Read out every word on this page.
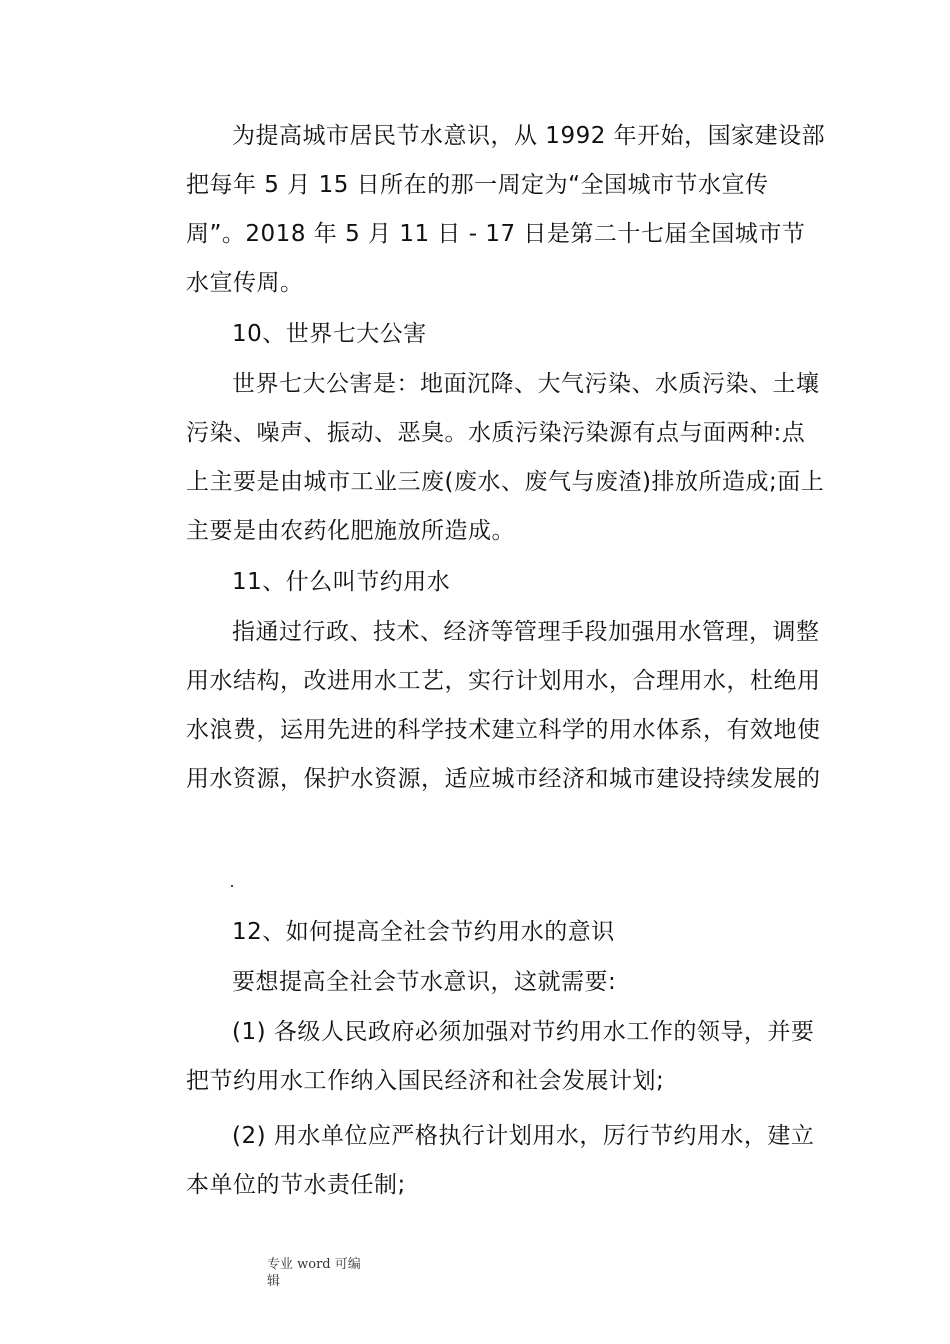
为提高城市居民节水意识，从 1992 年开始，国家建设部把每年 5 月 15 日所在的那一周定为“全国城市节水宣传周”。2018 年 5 月 11 日 - 17 日是第二十七届全国城市节水宣传周。

10、世界七大公害

世界七大公害是：地面沉降、大气污染、水质污染、土壤污染、噪声、振动、恶臭。水质污染污染源有点与面两种:点上主要是由城市工业三废(废水、废气与废渣)排放所造成;面上主要是由农药化肥施放所造成。

11、什么叫节约用水

指通过行政、技术、经济等管理手段加强用水管理，调整用水结构，改进用水工艺，实行计划用水，合理用水，杜绝用水浪费，运用先进的科学技术建立科学的用水体系，有效地使用水资源，保护水资源，适应城市经济和城市建设持续发展的

12、如何提高全社会节约用水的意识

要想提高全社会节水意识，这就需要:

(1) 各级人民政府必须加强对节约用水工作的领导，并要把节约用水工作纳入国民经济和社会发展计划;

(2) 用水单位应严格执行计划用水，厉行节约用水，建立本单位的节水责任制;

专业 word 可编
辑
